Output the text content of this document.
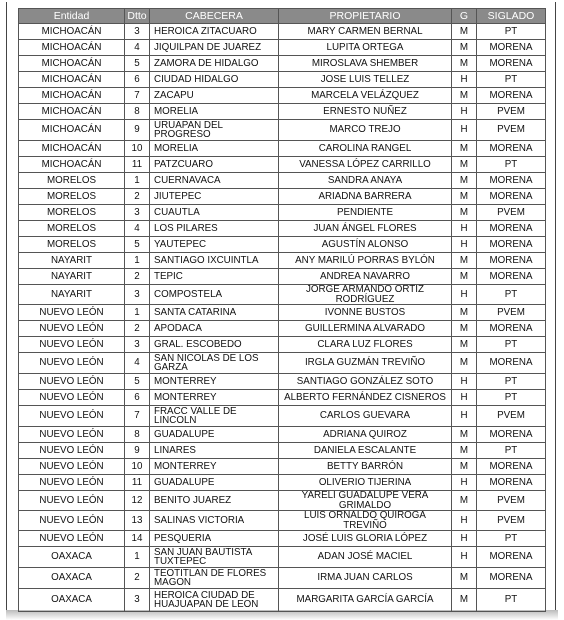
Entidad	Dtto	CABECERA	PROPIETARIO	G	SIGLADO
MICHOACÁN	3	HEROICA ZITACUARO	MARY CARMEN BERNAL	M	PT
MICHOACÁN	4	JIQUILPAN DE JUAREZ	LUPITA ORTEGA	M	MORENA
MICHOACÁN	5	ZAMORA DE HIDALGO	MIROSLAVA SHEMBER	M	MORENA
MICHOACÁN	6	CIUDAD HIDALGO	JOSE LUIS TELLEZ	H	PT
MICHOACÁN	7	ZACAPU	MARCELA VELÁZQUEZ	M	MORENA
MICHOACÁN	8	MORELIA	ERNESTO NUÑEZ	H	PVEM
MICHOACÁN	9	URUAPAN DEL PROGRESO	MARCO TREJO	H	PVEM
MICHOACÁN	10	MORELIA	CAROLINA RANGEL	M	MORENA
MICHOACÁN	11	PATZCUARO	VANESSA LÓPEZ CARRILLO	M	PT
MORELOS	1	CUERNAVACA	SANDRA ANAYA	M	MORENA
MORELOS	2	JIUTEPEC	ARIADNA BARRERA	M	MORENA
MORELOS	3	CUAUTLA	PENDIENTE	M	PVEM
MORELOS	4	LOS PILARES	JUAN ÁNGEL FLORES	H	MORENA
MORELOS	5	YAUTEPEC	AGUSTÍN ALONSO	H	MORENA
NAYARIT	1	SANTIAGO IXCUINTLA	ANY MARILÚ PORRAS BYLÓN	M	MORENA
NAYARIT	2	TEPIC	ANDREA NAVARRO	M	MORENA
NAYARIT	3	COMPOSTELA	JORGE ARMANDO ORTIZ RODRÍGUEZ	H	PT
NUEVO LEÓN	1	SANTA CATARINA	IVONNE BUSTOS	M	PVEM
NUEVO LEÓN	2	APODACA	GUILLERMINA ALVARADO	M	MORENA
NUEVO LEÓN	3	GRAL. ESCOBEDO	CLARA LUZ FLORES	M	PT
NUEVO LEÓN	4	SAN NICOLAS DE LOS GARZA	IRGLA GUZMÁN TREVIÑO	M	MORENA
NUEVO LEÓN	5	MONTERREY	SANTIAGO GONZÁLEZ SOTO	H	PT
NUEVO LEÓN	6	MONTERREY	ALBERTO FERNÁNDEZ CISNEROS	H	PT
NUEVO LEÓN	7	FRACC VALLE DE LINCOLN	CARLOS GUEVARA	H	PVEM
NUEVO LEÓN	8	GUADALUPE	ADRIANA QUIROZ	M	MORENA
NUEVO LEÓN	9	LINARES	DANIELA ESCALANTE	M	PT
NUEVO LEÓN	10	MONTERREY	BETTY BARRÓN	M	MORENA
NUEVO LEÓN	11	GUADALUPE	OLIVERIO TIJERINA	H	MORENA
NUEVO LEÓN	12	BENITO JUAREZ	YARELI GUADALUPE VERA GRIMALDO	M	PVEM
NUEVO LEÓN	13	SALINAS VICTORIA	LUIS ORNALDO QUIROGA TREVIÑO	H	PVEM
NUEVO LEÓN	14	PESQUERIA	JOSÉ LUIS GLORIA LÓPEZ	H	PT
OAXACA	1	SAN JUAN BAUTISTA TUXTEPEC	ADAN JOSÉ MACIEL	H	MORENA
OAXACA	2	TEOTITLAN DE FLORES MAGON	IRMA JUAN CARLOS	M	MORENA
OAXACA	3	HEROICA CIUDAD DE HUAJUAPAN DE LEON	MARGARITA GARCÍA GARCÍA	M	PT
